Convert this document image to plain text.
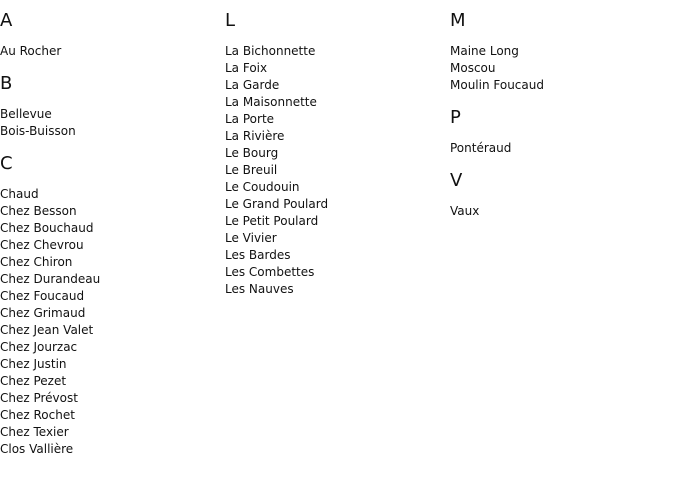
A
Au Rocher
B
Bellevue
Bois-Buisson
C
Chaud
Chez Besson
Chez Bouchaud
Chez Chevrou
Chez Chiron
Chez Durandeau
Chez Foucaud
Chez Grimaud
Chez Jean Valet
Chez Jourzac
Chez Justin
Chez Pezet
Chez Prévost
Chez Rochet
Chez Texier
Clos Vallière
L
La Bichonnette
La Foix
La Garde
La Maisonnette
La Porte
La Rivière
Le Bourg
Le Breuil
Le Coudouin
Le Grand Poulard
Le Petit Poulard
Le Vivier
Les Bardes
Les Combettes
Les Nauves
M
Maine Long
Moscou
Moulin Foucaud
P
Pontéraud
V
Vaux
